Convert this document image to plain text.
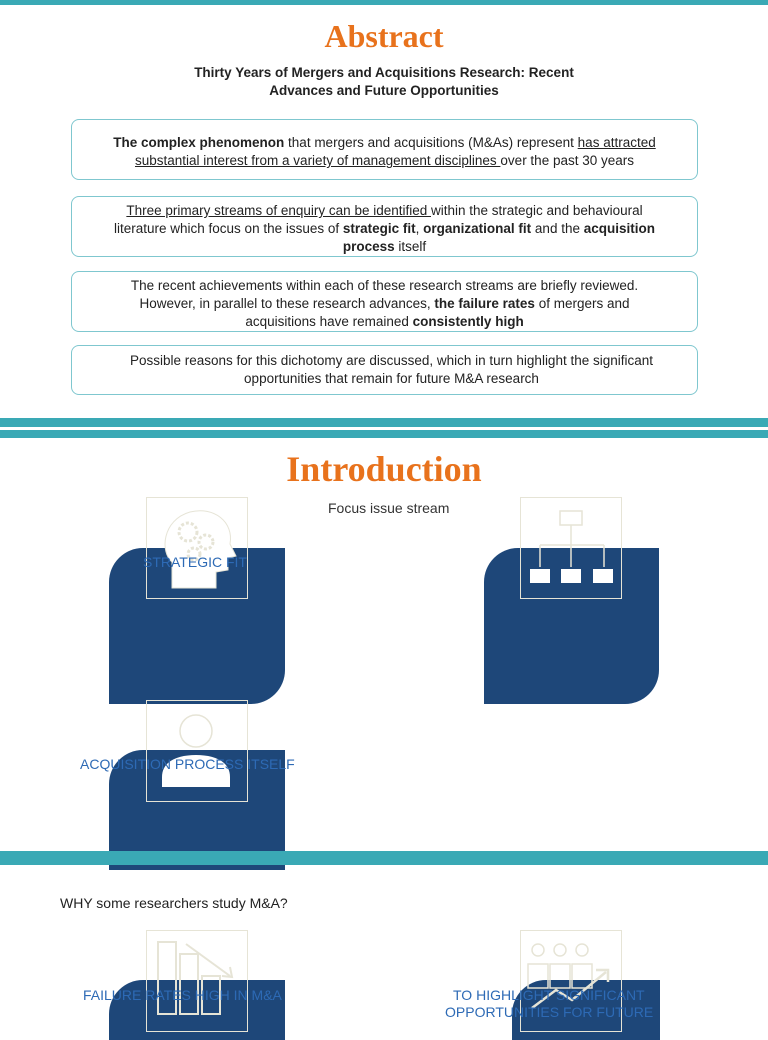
Abstract
Thirty Years of Mergers and Acquisitions Research: Recent
Advances and Future Opportunities
The complex phenomenon that mergers and acquisitions (M&As) represent has attracted substantial interest from a variety of management disciplines over the past 30 years
Three primary streams of enquiry can be identified within the strategic and behavioural literature which focus on the issues of strategic fit, organizational fit and the acquisition process itself
The recent achievements within each of these research streams are briefly reviewed. However, in parallel to these research advances, the failure rates of mergers and acquisitions have remained consistently high
Possible reasons for this dichotomy are discussed, which in turn highlight the significant opportunities that remain for future M&A research
Introduction
Focus issue stream
STRATEGIC FIT
ACQUISITION PROCESS ITSELF
WHY some researchers study M&A?
FAILURE RATES HIGH IN M&A	TO HIGHLIGHT SIGNIFICANT
OPPORTUNITIES FOR FUTURE
